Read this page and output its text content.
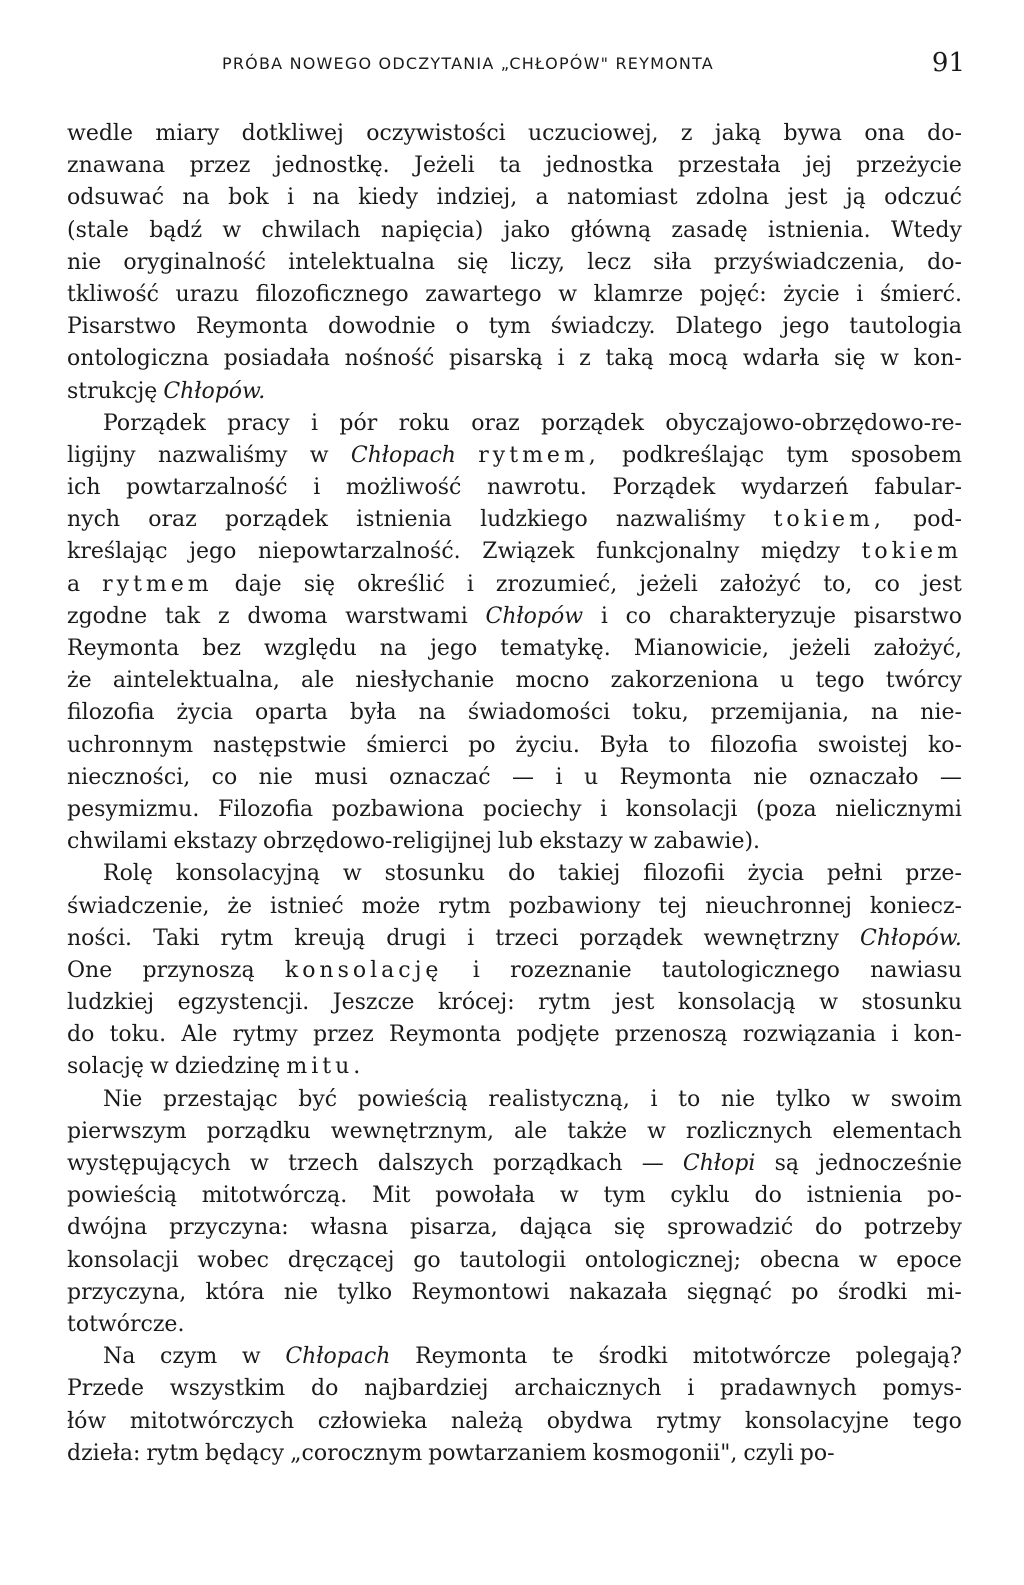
PRÓBA NOWEGO ODCZYTANIA „CHŁOPÓW" REYMONTA	91
wedle miary dotkliwej oczywistości uczuciowej, z jaką bywa ona do-
znawana przez jednostkę. Jeżeli ta jednostka przestała jej przeżycie
odsuwać na bok i na kiedy indziej, a natomiast zdolna jest ją odczuć
(stale bądź w chwilach napięcia) jako główną zasadę istnienia. Wtedy
nie oryginalność intelektualna się liczy, lecz siła przyświadczenia, do-
tkliwość urazu filozoficznego zawartego w klamrze pojęć: życie i śmierć.
Pisarstwo Reymonta dowodnie o tym świadczy. Dlatego jego tautologia
ontologiczna posiadała nośność pisarską i z taką mocą wdarła się w kon-
strukcję Chłopów.
Porządek pracy i pór roku oraz porządek obyczajowo-obrzędowo-re-
ligijny nazwaliśmy w Chłopach rytmem, podkreślając tym sposobem
ich powtarzalność i możliwość nawrotu. Porządek wydarzeń fabular-
nych oraz porządek istnienia ludzkiego nazwaliśmy tokiem, pod-
kreślając jego niepowtarzalność. Związek funkcjonalny między tokiem
a rytmem daje się określić i zrozumieć, jeżeli założyć to, co jest
zgodne tak z dwoma warstwami Chłopów i co charakteryzuje pisarstwo
Reymonta bez względu na jego tematykę. Mianowicie, jeżeli założyć,
że aintelektualna, ale niesłychanie mocno zakorzeniona u tego twórcy
filozofia życia oparta była na świadomości toku, przemijania, na nie-
uchronnym następstwie śmierci po życiu. Była to filozofia swoistej ko-
nieczności, co nie musi oznaczać — i u Reymonta nie oznaczało —
pesymizmu. Filozofia pozbawiona pociechy i konsolacji (poza nielicznymi
chwilami ekstazy obrzędowo-religijnej lub ekstazy w zabawie).
Rolę konsolacyjną w stosunku do takiej filozofii życia pełni prze-
świadczenie, że istnieć może rytm pozbawiony tej nieuchronnej koniecz-
ności. Taki rytm kreują drugi i trzeci porządek wewnętrzny Chłopów.
One przynoszą konsolację i rozeznanie tautologicznego nawiasu
ludzkiej egzystencji. Jeszcze krócej: rytm jest konsolacją w stosunku
do toku. Ale rytmy przez Reymonta podjęte przenoszą rozwiązania i kon-
solację w dziedzinę mitu.
Nie przestając być powieścią realistyczną, i to nie tylko w swoim
pierwszym porządku wewnętrznym, ale także w rozlicznych elementach
występujących w trzech dalszych porządkach — Chłopi są jednocześnie
powieścią mitotwórczą. Mit powołała w tym cyklu do istnienia po-
dwójna przyczyna: własna pisarza, dająca się sprowadzić do potrzeby
konsolacji wobec dręczącej go tautologii ontologicznej; obecna w epoce
przyczyna, która nie tylko Reymontowi nakazała sięgnąć po środki mi-
totwórcze.
Na czym w Chłopach Reymonta te środki mitotwórcze polegają?
Przede wszystkim do najbardziej archaicznych i pradawnych pomys-
łów mitotwórczych człowieka należą obydwa rytmy konsolacyjne tego
dzieła: rytm będący „corocznym powtarzaniem kosmogonii", czyli po-
